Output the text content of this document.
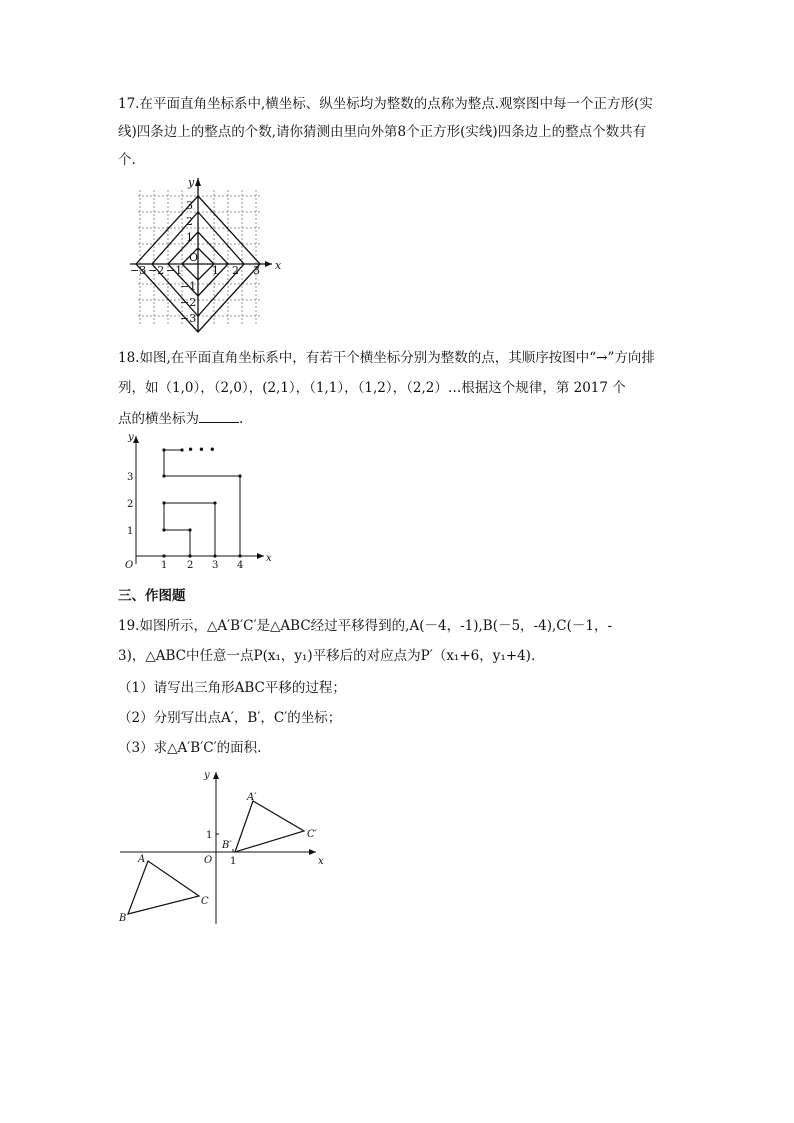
17.在平面直角坐标系中,横坐标、纵坐标均为整数的点称为整点.观察图中每一个正方形(实
线)四条边上的整点的个数,请你猜测由里向外第8个正方形(实线)四条边上的整点个数共有
个.
x
y
O
−3 −2 −1	1 2 3
3
2
1
−1
−2
−3
18.如图,在平面直角坐标系中，有若干个横坐标分别为整数的点，其顺序按图中“→”方向排
列，如（1,0），（2,0），(2,1），（1,1），（1,2），（2,2）…根据这个规律，第 2017 个
点的横坐标为	.
• • •
x
y
O	1 2 3 4
1
2
3
三、作图题
19.如图所示，△A′B′C′是△ABC经过平移得到的,A(－4，-1),B(－5，-4),C(－1，-
3)，△ABC中任意一点P(x₁，y₁)平移后的对应点为P′（x₁+6，y₁+4).
（1）请写出三角形ABC平移的过程；
（2）分别写出点A′，B′，C′的坐标；
（3）求△A′B′C′的面积.
x
y
O 1
1
A
B
C
A′
B′
C′
